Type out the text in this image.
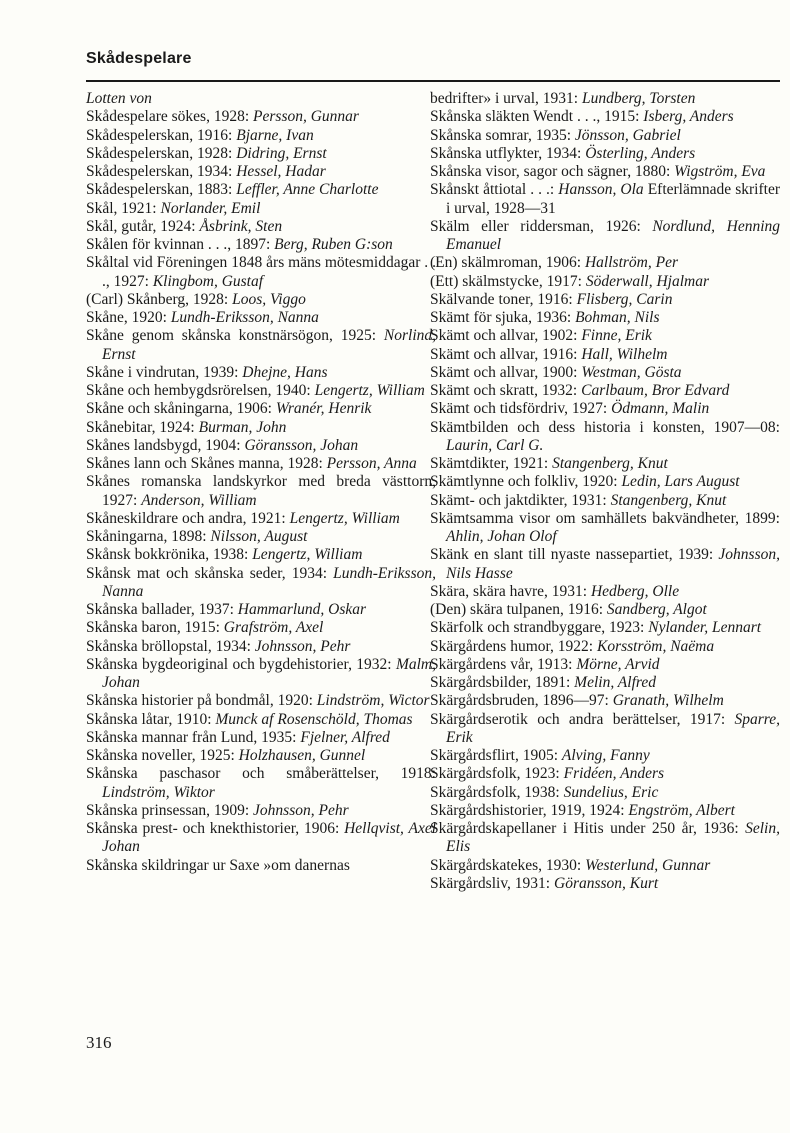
Skådespelare
Lotten von
Skådespelare sökes, 1928: Persson, Gunnar
Skådespelerskan, 1916: Bjarne, Ivan
Skådespelerskan, 1928: Didring, Ernst
Skådespelerskan, 1934: Hessel, Hadar
Skådespelerskan, 1883: Leffler, Anne Charlotte
Skål, 1921: Norlander, Emil
Skål, gutår, 1924: Åsbrink, Sten
Skålen för kvinnan . . ., 1897: Berg, Ruben G:son
Skåltal vid Föreningen 1848 års mäns mötesmiddagar . . ., 1927: Klingbom, Gustaf
(Carl) Skånberg, 1928: Loos, Viggo
Skåne, 1920: Lundh-Eriksson, Nanna
Skåne genom skånska konstnärsögon, 1925: Norlind, Ernst
Skåne i vindrutan, 1939: Dhejne, Hans
Skåne och hembygdsrörelsen, 1940: Lengertz, William
Skåne och skåningarna, 1906: Wranér, Henrik
Skånebitar, 1924: Burman, John
Skånes landsbygd, 1904: Göransson, Johan
Skånes lann och Skånes manna, 1928: Persson, Anna
Skånes romanska landskyrkor med breda västtorn, 1927: Anderson, William
Skåneskildrare och andra, 1921: Lengertz, William
Skåningarna, 1898: Nilsson, August
Skånsk bokkrönika, 1938: Lengertz, William
Skånsk mat och skånska seder, 1934: Lundh-Eriksson, Nanna
Skånska ballader, 1937: Hammarlund, Oskar
Skånska baron, 1915: Grafström, Axel
Skånska bröllopstal, 1934: Johnsson, Pehr
Skånska bygdeoriginal och bygdehistorier, 1932: Malm, Johan
Skånska historier på bondmål, 1920: Lindström, Wictor
Skånska låtar, 1910: Munck af Rosenschöld, Thomas
Skånska mannar från Lund, 1935: Fjelner, Alfred
Skånska noveller, 1925: Holzhausen, Gunnel
Skånska paschasor och småberättelser, 1918: Lindström, Wiktor
Skånska prinsessan, 1909: Johnsson, Pehr
Skånska prest- och knekthistorier, 1906: Hellqvist, Axel Johan
Skånska skildringar ur Saxe »om danernas
bedrifter» i urval, 1931: Lundberg, Torsten
Skånska släkten Wendt . . ., 1915: Isberg, Anders
Skånska somrar, 1935: Jönsson, Gabriel
Skånska utflykter, 1934: Österling, Anders
Skånska visor, sagor och sägner, 1880: Wigström, Eva
Skånskt åttiotal . . .: Hansson, Ola Efterlämnade skrifter i urval, 1928—31
Skälm eller riddersman, 1926: Nordlund, Henning Emanuel
(En) skälmroman, 1906: Hallström, Per
(Ett) skälmstycke, 1917: Söderwall, Hjalmar
Skälvande toner, 1916: Flisberg, Carin
Skämt för sjuka, 1936: Bohman, Nils
Skämt och allvar, 1902: Finne, Erik
Skämt och allvar, 1916: Hall, Wilhelm
Skämt och allvar, 1900: Westman, Gösta
Skämt och skratt, 1932: Carlbaum, Bror Edvard
Skämt och tidsfördriv, 1927: Ödmann, Malin
Skämtbilden och dess historia i konsten, 1907—08: Laurin, Carl G.
Skämtdikter, 1921: Stangenberg, Knut
Skämtlynne och folkliv, 1920: Ledin, Lars August
Skämt- och jaktdikter, 1931: Stangenberg, Knut
Skämtsamma visor om samhällets bakvändheter, 1899: Ahlin, Johan Olof
Skänk en slant till nyaste nassepartiet, 1939: Johnsson, Nils Hasse
Skära, skära havre, 1931: Hedberg, Olle
(Den) skära tulpanen, 1916: Sandberg, Algot
Skärfolk och strandbyggare, 1923: Nylander, Lennart
Skärgårdens humor, 1922: Korsström, Naëma
Skärgårdens vår, 1913: Mörne, Arvid
Skärgårdsbilder, 1891: Melin, Alfred
Skärgårdsbruden, 1896—97: Granath, Wilhelm
Skärgårdserotik och andra berättelser, 1917: Sparre, Erik
Skärgårdsflirt, 1905: Alving, Fanny
Skärgårdsfolk, 1923: Fridéen, Anders
Skärgårdsfolk, 1938: Sundelius, Eric
Skärgårdshistorier, 1919, 1924: Engström, Albert
Skärgårdskapellaner i Hitis under 250 år, 1936: Selin, Elis
Skärgårdskatekes, 1930: Westerlund, Gunnar
Skärgårdsliv, 1931: Göransson, Kurt
316
